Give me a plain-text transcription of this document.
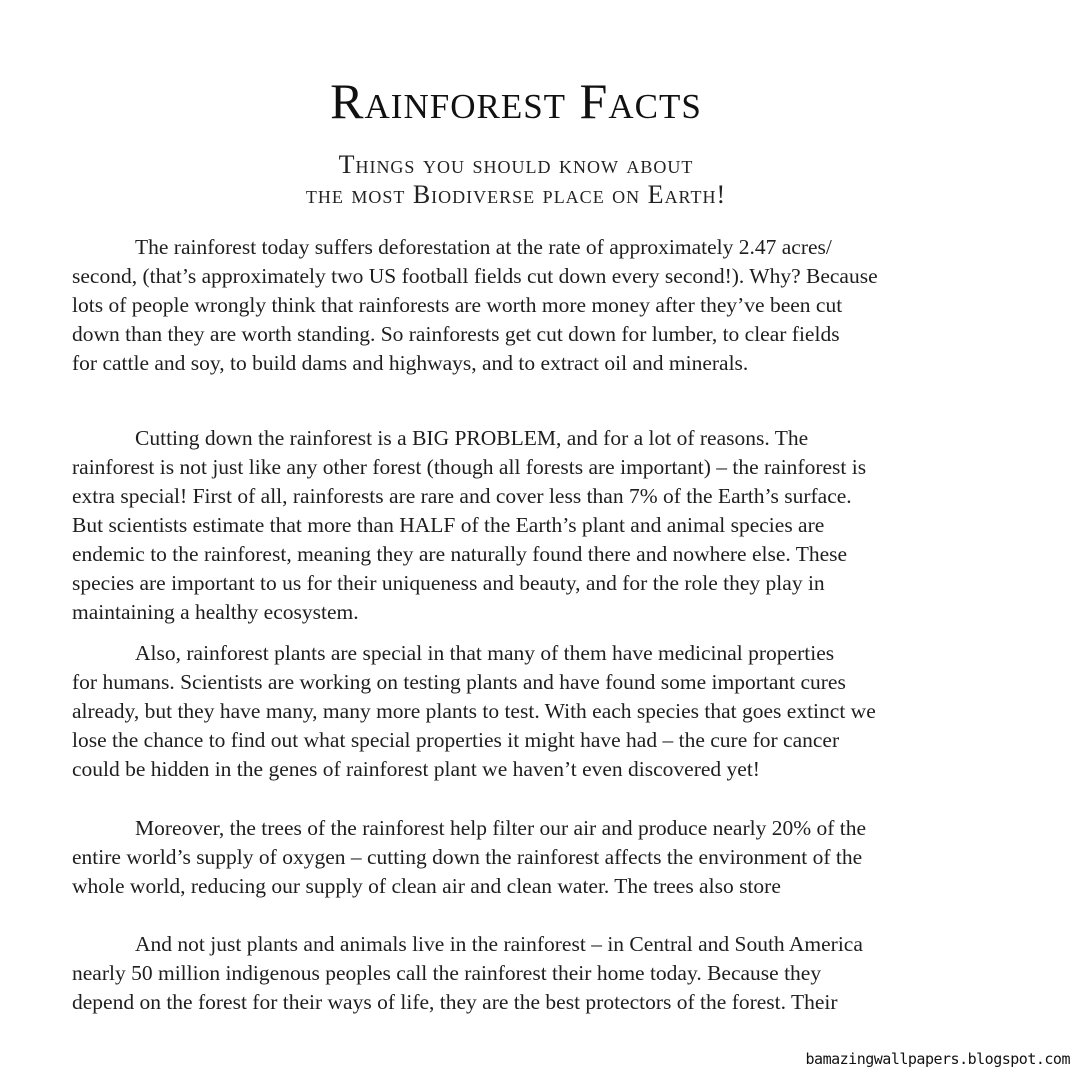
Rainforest Facts
Things you should know about
the most Biodiverse place on Earth!
The rainforest today suffers deforestation at the rate of approximately 2.47 acres/
second, (that’s approximately two US football fields cut down every second!). Why? Because
lots of people wrongly think that rainforests are worth more money after they’ve been cut
down than they are worth standing. So rainforests get cut down for lumber, to clear fields
for cattle and soy, to build dams and highways, and to extract oil and minerals.
Cutting down the rainforest is a BIG PROBLEM, and for a lot of reasons. The
rainforest is not just like any other forest (though all forests are important) – the rainforest is
extra special! First of all, rainforests are rare and cover less than 7% of the Earth’s surface.
But scientists estimate that more than HALF of the Earth’s plant and animal species are
endemic to the rainforest, meaning they are naturally found there and nowhere else. These
species are important to us for their uniqueness and beauty, and for the role they play in
maintaining a healthy ecosystem.
Also, rainforest plants are special in that many of them have medicinal properties
for humans. Scientists are working on testing plants and have found some important cures
already, but they have many, many more plants to test. With each species that goes extinct we
lose the chance to find out what special properties it might have had – the cure for cancer
could be hidden in the genes of rainforest plant we haven’t even discovered yet!
Moreover, the trees of the rainforest help filter our air and produce nearly 20% of the
entire world’s supply of oxygen – cutting down the rainforest affects the environment of the
whole world, reducing our supply of clean air and clean water. The trees also store
And not just plants and animals live in the rainforest – in Central and South America
nearly 50 million indigenous peoples call the rainforest their home today. Because they
depend on the forest for their ways of life, they are the best protectors of the forest. Their
bamazingwallpapers.blogspot.com
